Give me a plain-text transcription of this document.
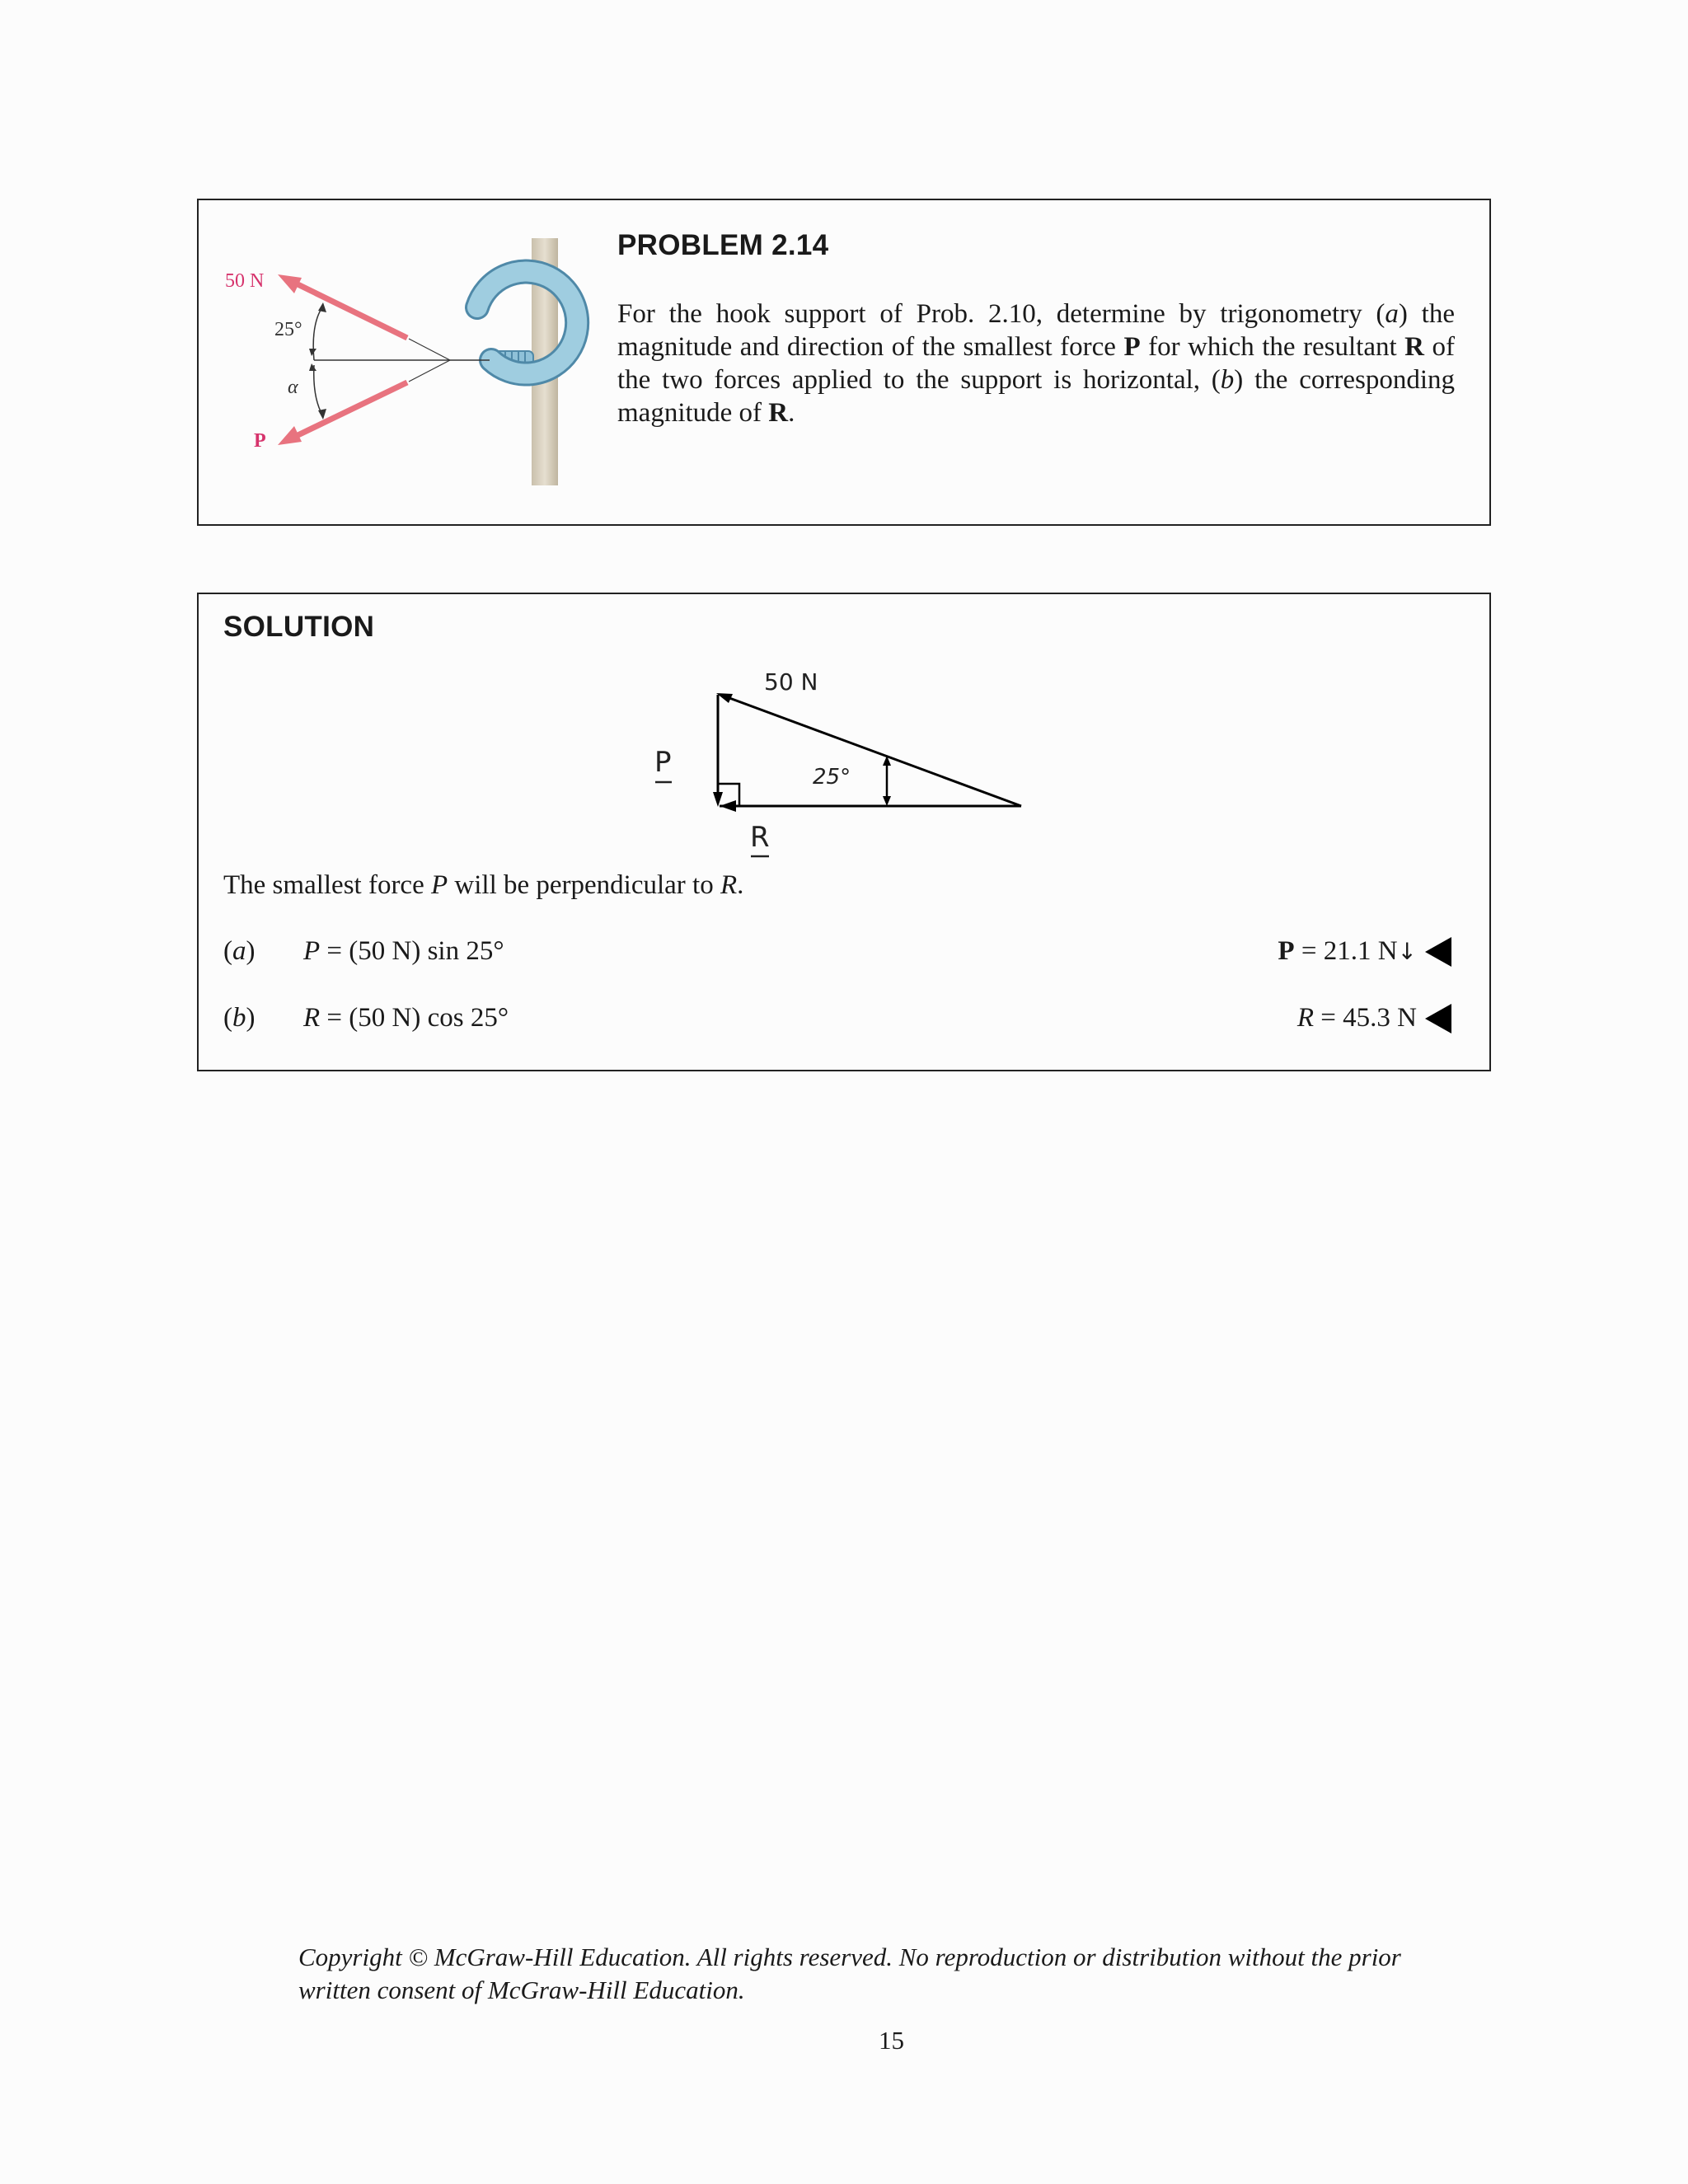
50 N
25°
α
P
PROBLEM 2.14
For the hook support of Prob. 2.10, determine by trigonometry (a) the magnitude and direction of the smallest force P for which the resultant R of the two forces applied to the support is horizontal, (b) the corresponding magnitude of R.
SOLUTION
50 N
25°
P
R
The smallest force P will be perpendicular to R.
(a) P = (50 N) sin 25°	P = 21.1 N↓
(b) R = (50 N) cos 25°	R = 45.3 N
Copyright © McGraw-Hill Education. All rights reserved. No reproduction or distribution without the prior written consent of McGraw-Hill Education.
15
